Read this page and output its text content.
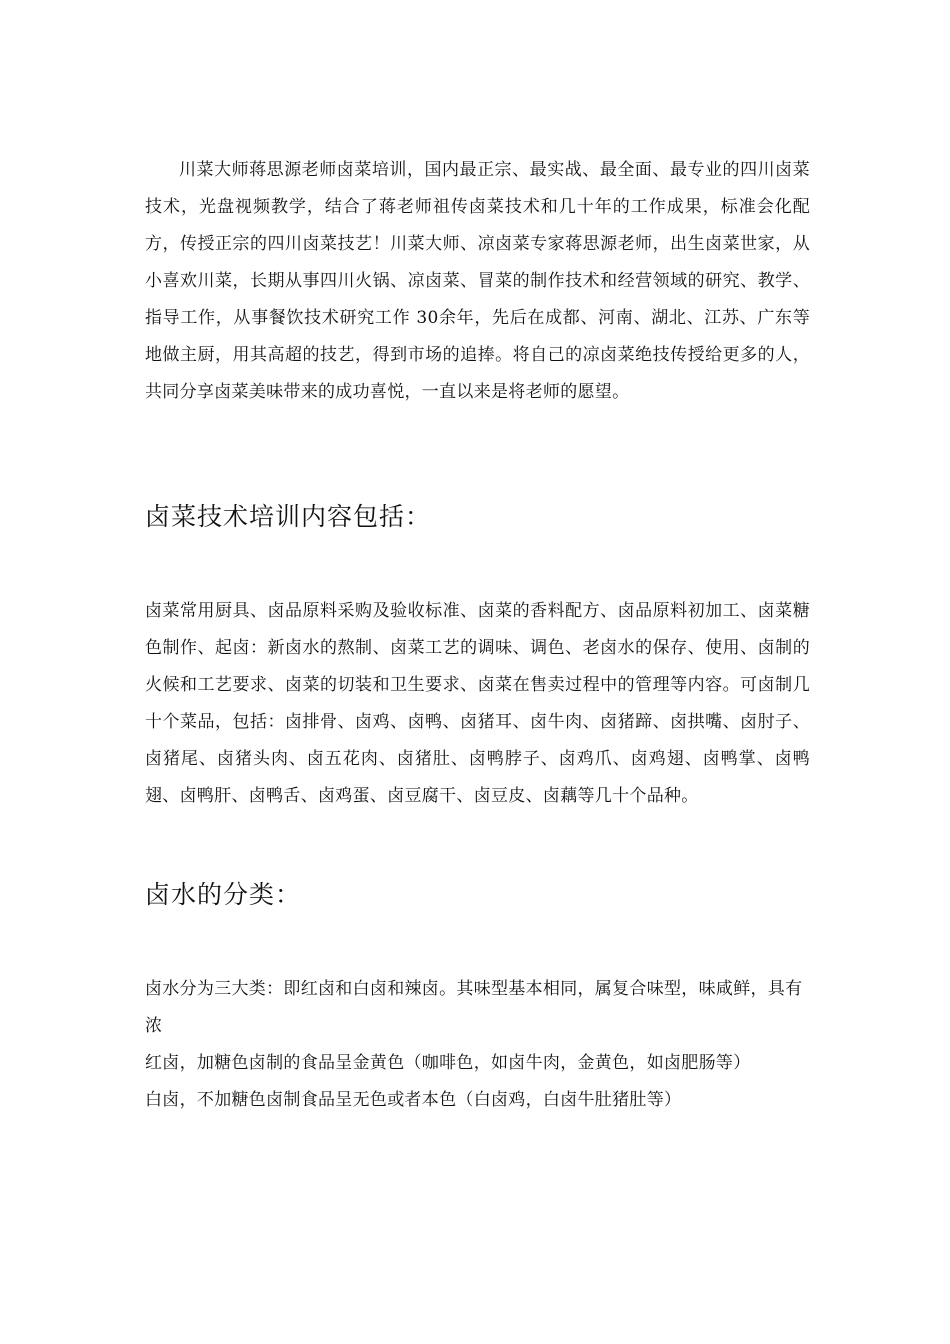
川菜大师蒋思源老师卤菜培训，国内最正宗、最实战、最全面、最专业的四川卤菜技术，光盘视频教学，结合了蒋老师祖传卤菜技术和几十年的工作成果，标准会化配方，传授正宗的四川卤菜技艺！川菜大师、凉卤菜专家蒋思源老师，出生卤菜世家，从小喜欢川菜，长期从事四川火锅、凉卤菜、冒菜的制作技术和经营领域的研究、教学、指导工作，从事餐饮技术研究工作 30余年，先后在成都、河南、湖北、江苏、广东等地做主厨，用其高超的技艺，得到市场的追捧。将自己的凉卤菜绝技传授给更多的人，共同分享卤菜美味带来的成功喜悦，一直以来是将老师的愿望。

卤菜技术培训内容包括：

卤菜常用厨具、卤品原料采购及验收标准、卤菜的香料配方、卤品原料初加工、卤菜糖色制作、起卤：新卤水的熬制、卤菜工艺的调味、调色、老卤水的保存、使用、卤制的火候和工艺要求、卤菜的切装和卫生要求、卤菜在售卖过程中的管理等内容。可卤制几十个菜品，包括：卤排骨、卤鸡、卤鸭、卤猪耳、卤牛肉、卤猪蹄、卤拱嘴、卤肘子、卤猪尾、卤猪头肉、卤五花肉、卤猪肚、卤鸭脖子、卤鸡爪、卤鸡翅、卤鸭掌、卤鸭翅、卤鸭肝、卤鸭舌、卤鸡蛋、卤豆腐干、卤豆皮、卤藕等几十个品种。

卤水的分类：

卤水分为三大类：即红卤和白卤和辣卤。其味型基本相同，属复合味型，味咸鲜，具有浓

红卤，加糖色卤制的食品呈金黄色（咖啡色，如卤牛肉，金黄色，如卤肥肠等）

白卤，不加糖色卤制食品呈无色或者本色（白卤鸡，白卤牛肚猪肚等）
